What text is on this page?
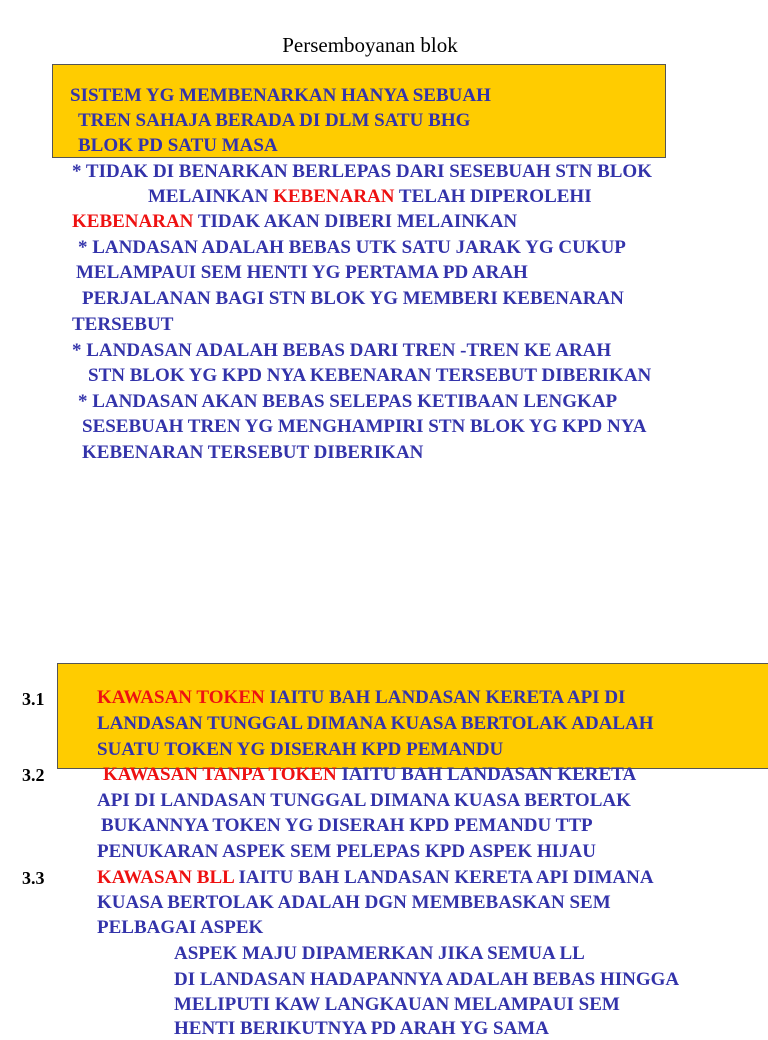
Persemboyanan blok
SISTEM YG MEMBENARKAN HANYA SEBUAH
TREN SAHAJA BERADA DI DLM SATU BHG
BLOK PD SATU MASA
* TIDAK DI BENARKAN BERLEPAS DARI SESEBUAH STN BLOK
MELAINKAN KEBENARAN TELAH DIPEROLEHI
KEBENARAN TIDAK AKAN DIBERI MELAINKAN
* LANDASAN ADALAH BEBAS UTK SATU JARAK YG CUKUP
MELAMPAUI SEM HENTI YG PERTAMA PD ARAH
PERJALANAN BAGI STN BLOK YG MEMBERI KEBENARAN
TERSEBUT
* LANDASAN ADALAH BEBAS DARI TREN -TREN KE ARAH
STN BLOK YG KPD NYA KEBENARAN TERSEBUT DIBERIKAN
* LANDASAN AKAN BEBAS SELEPAS KETIBAAN LENGKAP
SESEBUAH TREN YG MENGHAMPIRI STN BLOK YG KPD NYA
KEBENARAN TERSEBUT DIBERIKAN
3.1	KAWASAN TOKEN IAITU BAH LANDASAN KERETA API DI
LANDASAN TUNGGAL DIMANA KUASA BERTOLAK ADALAH
SUATU TOKEN YG DISERAH KPD PEMANDU
3.2	KAWASAN TANPA TOKEN IAITU BAH LANDASAN KERETA
API DI LANDASAN TUNGGAL DIMANA KUASA BERTOLAK
BUKANNYA TOKEN YG DISERAH KPD PEMANDU TTP
PENUKARAN ASPEK SEM PELEPAS KPD ASPEK HIJAU
3.3	KAWASAN BLL IAITU BAH LANDASAN KERETA API DIMANA
KUASA BERTOLAK ADALAH DGN MEMBEBASKAN SEM
PELBAGAI ASPEK
ASPEK MAJU DIPAMERKAN JIKA SEMUA LL
DI LANDASAN HADAPANNYA ADALAH BEBAS HINGGA
MELIPUTI KAW LANGKAUAN MELAMPAUI SEM
HENTI BERIKUTNYA PD ARAH YG SAMA
